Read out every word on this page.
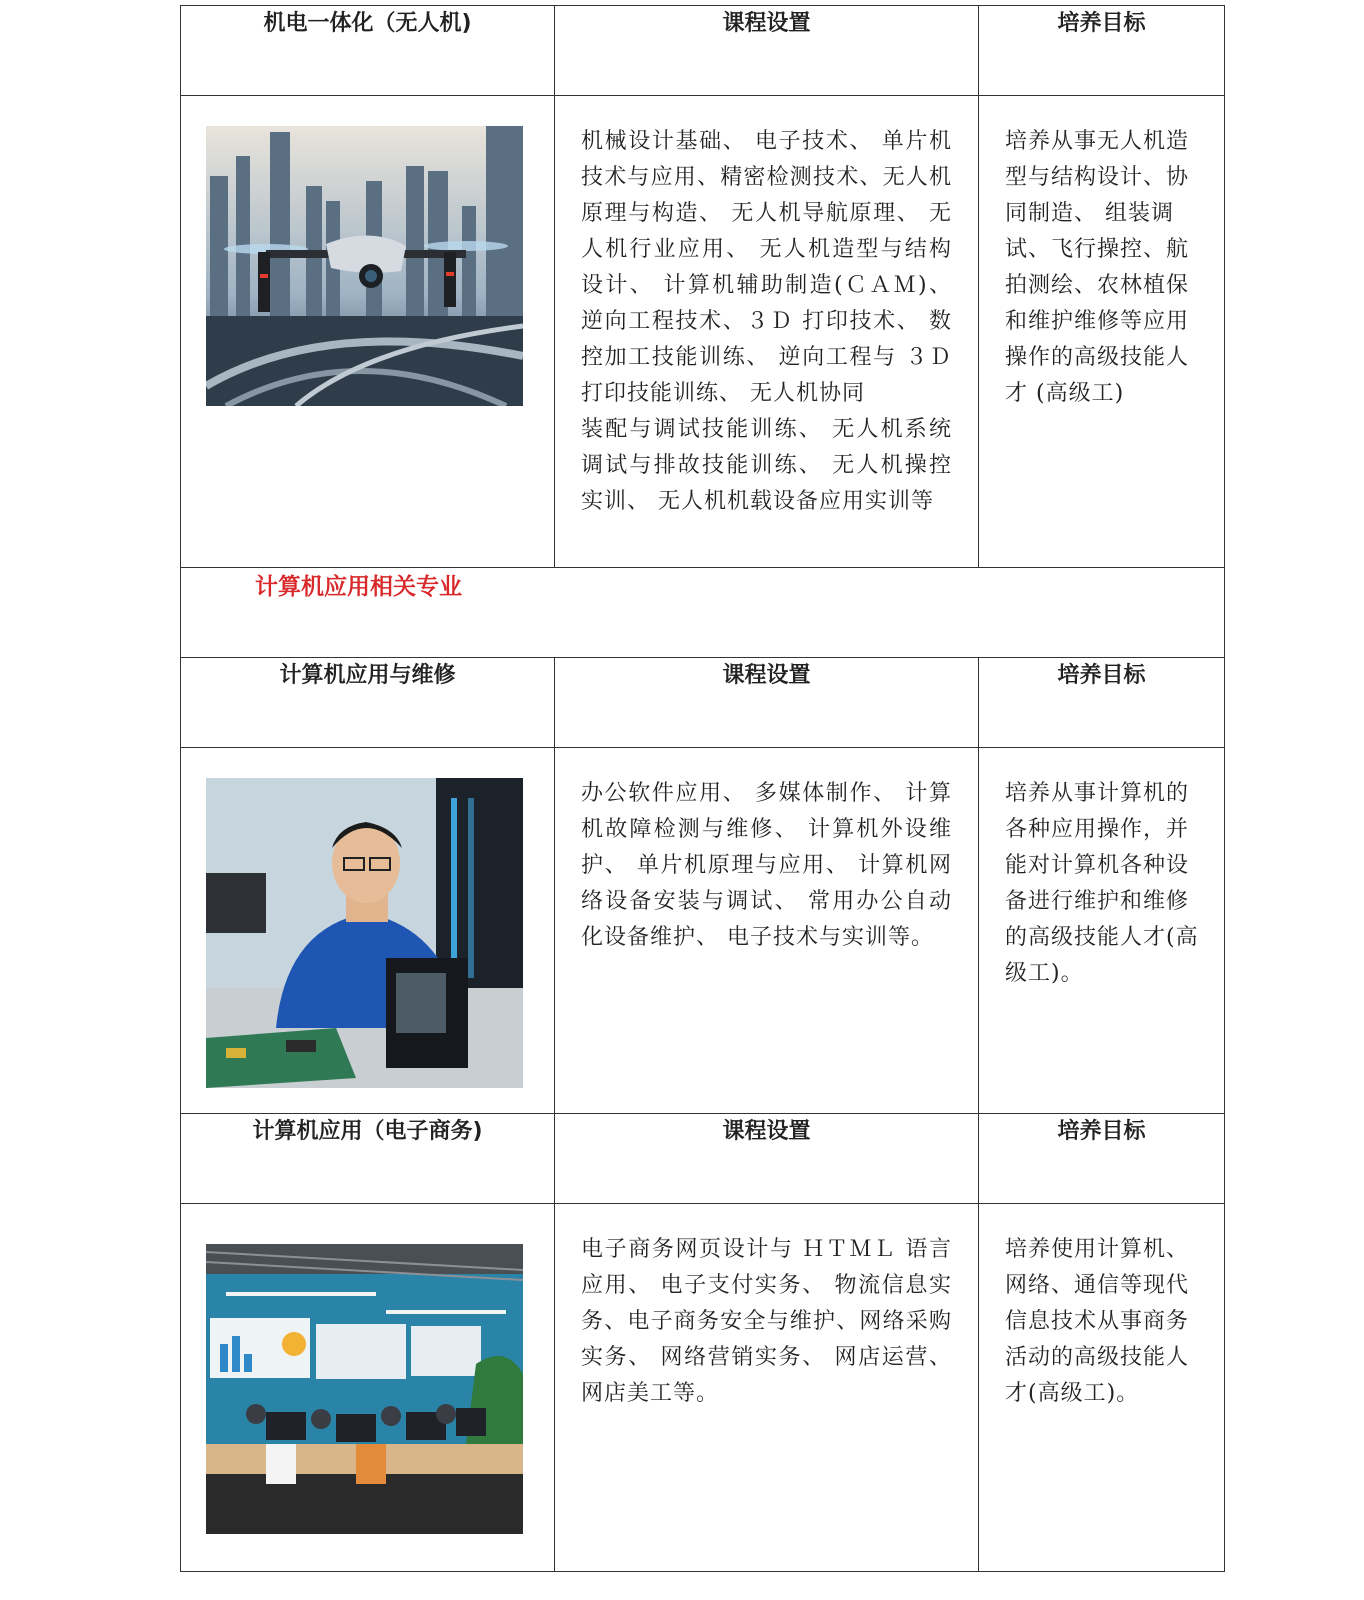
机电一体化（无人机)	课程设置	培养目标

机械设计基础、 电子技术、 单片机技术与应用、精密检测技术、无人机原理与构造、 无人机导航原理、 无人机行业应用、 无人机造型与结构设计、 计算机辅助制造(ＣＡＭ)、逆向工程技术、３Ｄ 打印技术、 数控加工技能训练、 逆向工程与 ３Ｄ 打印技能训练、 无人机协同
装配与调试技能训练、 无人机系统调试与排故技能训练、 无人机操控实训、 无人机机载设备应用实训等	培养从事无人机造型与结构设计、协同制造、 组装调试、飞行操控、航拍测绘、农林植保和维护维修等应用操作的高级技能人才 (高级工)

计算机应用相关专业		

计算机应用与维修	课程设置	培养目标

办公软件应用、 多媒体制作、 计算机故障检测与维修、 计算机外设维护、 单片机原理与应用、 计算机网络设备安装与调试、 常用办公自动化设备维护、 电子技术与实训等。	培养从事计算机的各种应用操作，并能对计算机各种设备进行维护和维修的高级技能人才(高级工)。

计算机应用（电子商务)	课程设置	培养目标

电子商务网页设计与 ＨＴＭＬ 语言应用、 电子支付实务、 物流信息实务、电子商务安全与维护、网络采购实务、 网络营销实务、 网店运营、 网店美工等。	培养使用计算机、网络、通信等现代信息技术从事商务活动的高级技能人才(高级工)。
